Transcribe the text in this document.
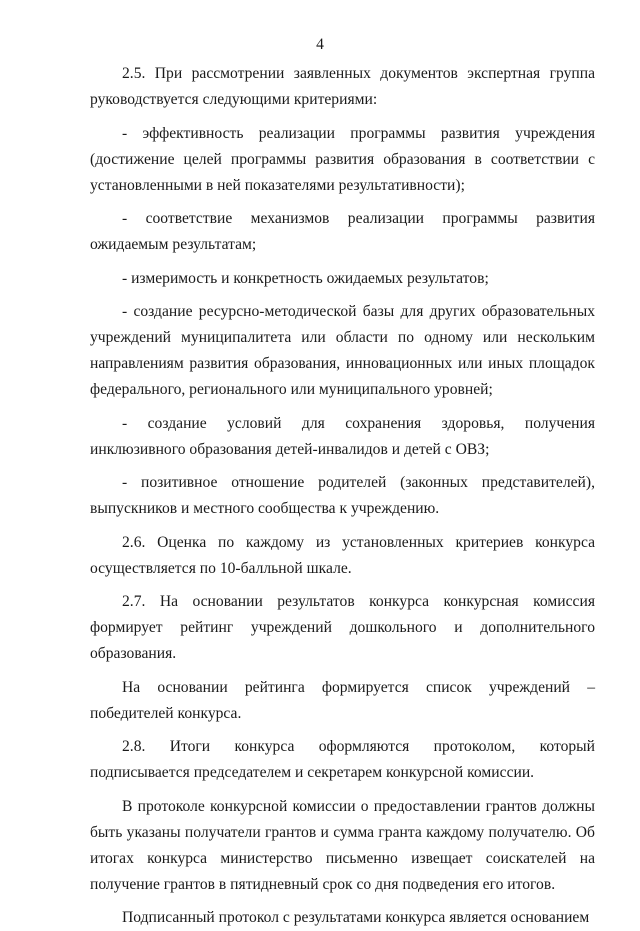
4

2.5. При рассмотрении заявленных документов экспертная группа руководствуется следующими критериями:

- эффективность реализации программы развития учреждения (достижение целей программы развития образования в соответствии с установленными в ней показателями результативности);

- соответствие механизмов реализации программы развития ожидаемым результатам;

- измеримость и конкретность ожидаемых результатов;

- создание ресурсно-методической базы для других образовательных учреждений муниципалитета или области по одному или нескольким направлениям развития образования, инновационных или иных площадок федерального, регионального или муниципального уровней;

- создание условий для сохранения здоровья, получения инклюзивного образования детей-инвалидов и детей с ОВЗ;

- позитивное отношение родителей (законных представителей), выпускников и местного сообщества к учреждению.

2.6. Оценка по каждому из установленных критериев конкурса осуществляется по 10-балльной шкале.

2.7. На основании результатов конкурса конкурсная комиссия формирует рейтинг учреждений дошкольного и дополнительного образования.

На основании рейтинга формируется список учреждений – победителей конкурса.

2.8. Итоги конкурса оформляются протоколом, который подписывается председателем и секретарем конкурсной комиссии.

В протоколе конкурсной комиссии о предоставлении грантов должны быть указаны получатели грантов и сумма гранта каждому получателю. Об итогах конкурса министерство письменно извещает соискателей на получение грантов в пятидневный срок со дня подведения его итогов.

Подписанный протокол с результатами конкурса является основанием
